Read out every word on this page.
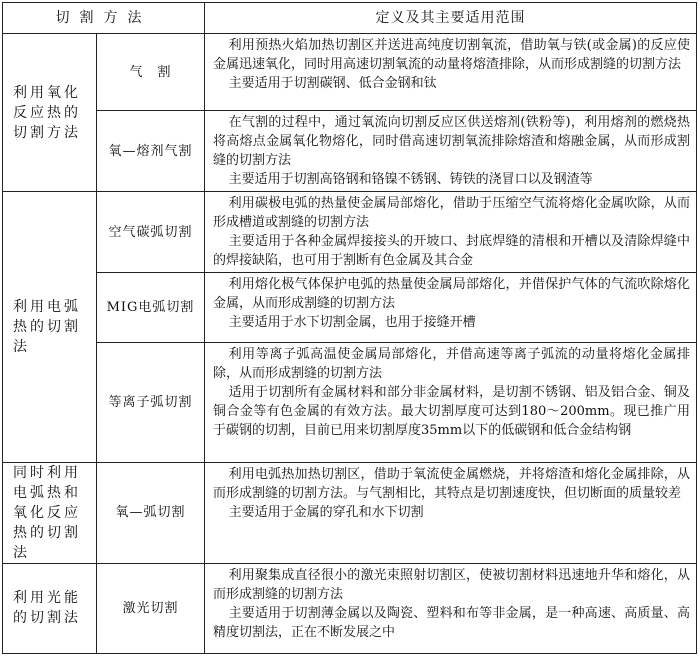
切割方法		定义及其主要适用范围
利用氧化反应热的切割方法	气　割	利用预热火焰加热切割区并送进高纯度切割氧流，借助氧与铁(或金属)的反应使金属迅速氧化，同时用高速切割氧流的动量将熔渣排除，从而形成割缝的切割方法

主要适用于切割碳钢、低合金钢和钛

	氧—熔剂气割	在气割的过程中，通过氧流向切割反应区供送熔剂(铁粉等)，利用熔剂的燃烧热将高熔点金属氧化物熔化，同时借高速切割氧流排除熔渣和熔融金属，从而形成割缝的切割方法

主要适用于切割高铬钢和铬镍不锈钢、铸铁的浇冒口以及钢渣等

利用电弧热的切割法	空气碳弧切割	利用碳极电弧的热量使金属局部熔化，借助于压缩空气流将熔化金属吹除，从而形成槽道或割缝的切割方法

主要适用于各种金属焊接接头的开坡口、封底焊缝的清根和开槽以及清除焊缝中的焊接缺陷，也可用于割断有色金属及其合金

	MIG电弧切割	利用熔化极气体保护电弧的热量使金属局部熔化，并借保护气体的气流吹除熔化金属，从而形成割缝的切割方法

主要适用于水下切割金属，也用于接缝开槽

	等离子弧切割	利用等离子弧高温使金属局部熔化，并借高速等离子弧流的动量将熔化金属排除，从而形成割缝的切割方法

适用于切割所有金属材料和部分非金属材料，是切割不锈钢、铝及铝合金、铜及铜合金等有色金属的有效方法。最大切割厚度可达到180～200mm。现已推广用于碳钢的切割，目前已用来切割厚度35mm以下的低碳钢和低合金结构钢

同时利用电弧热和氧化反应热的切割法	氧—弧切割	利用电弧热加热切割区，借助于氧流使金属燃烧，并将熔渣和熔化金属排除，从而形成割缝的切割方法。与气割相比，其特点是切割速度快，但切断面的质量较差

主要适用于金属的穿孔和水下切割

利用光能的切割法	激光切割	利用聚集成直径很小的激光束照射切割区，使被切割材料迅速地升华和熔化，从而形成割缝的切割方法

主要适用于切割薄金属以及陶瓷、塑料和布等非金属，是一种高速、高质量、高精度切割法，正在不断发展之中
